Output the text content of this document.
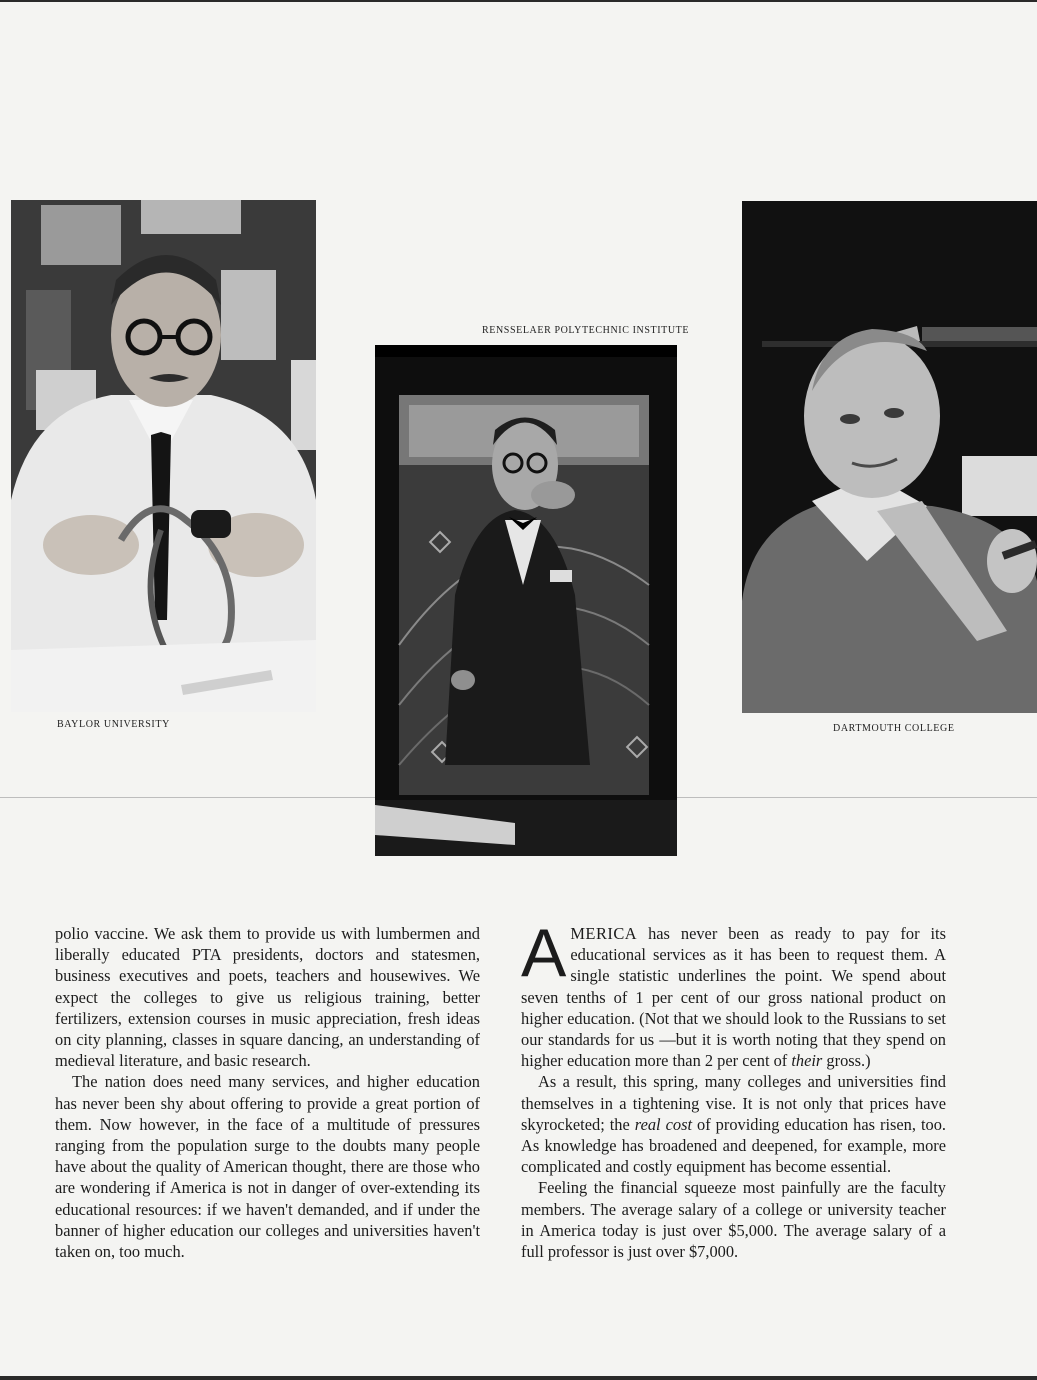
BAYLOR UNIVERSITY
RENSSELAER POLYTECHNIC INSTITUTE
DARTMOUTH COLLEGE

polio vaccine. We ask them to provide us with lumbermen and liberally educated PTA presidents, doctors and statesmen, business executives and poets, teachers and housewives. We expect the colleges to give us religious training, better fertilizers, extension courses in music appreciation, fresh ideas on city planning, classes in square dancing, an understanding of medieval literature, and basic research.

The nation does need many services, and higher education has never been shy about offering to provide a great portion of them. Now however, in the face of a multitude of pressures ranging from the population surge to the doubts many people have about the quality of American thought, there are those who are wondering if America is not in danger of over-extending its educational resources: if we haven't demanded, and if under the banner of higher education our colleges and universities haven't taken on, too much.

AMERICA has never been as ready to pay for its educational services as it has been to request them. A single statistic underlines the point. We spend about seven tenths of 1 per cent of our gross national product on higher education. (Not that we should look to the Russians to set our standards for us —but it is worth noting that they spend on higher education more than 2 per cent of their gross.)

As a result, this spring, many colleges and universities find themselves in a tightening vise. It is not only that prices have skyrocketed; the real cost of providing education has risen, too. As knowledge has broadened and deepened, for example, more complicated and costly equipment has become essential.

Feeling the financial squeeze most painfully are the faculty members. The average salary of a college or university teacher in America today is just over $5,000. The average salary of a full professor is just over $7,000.
